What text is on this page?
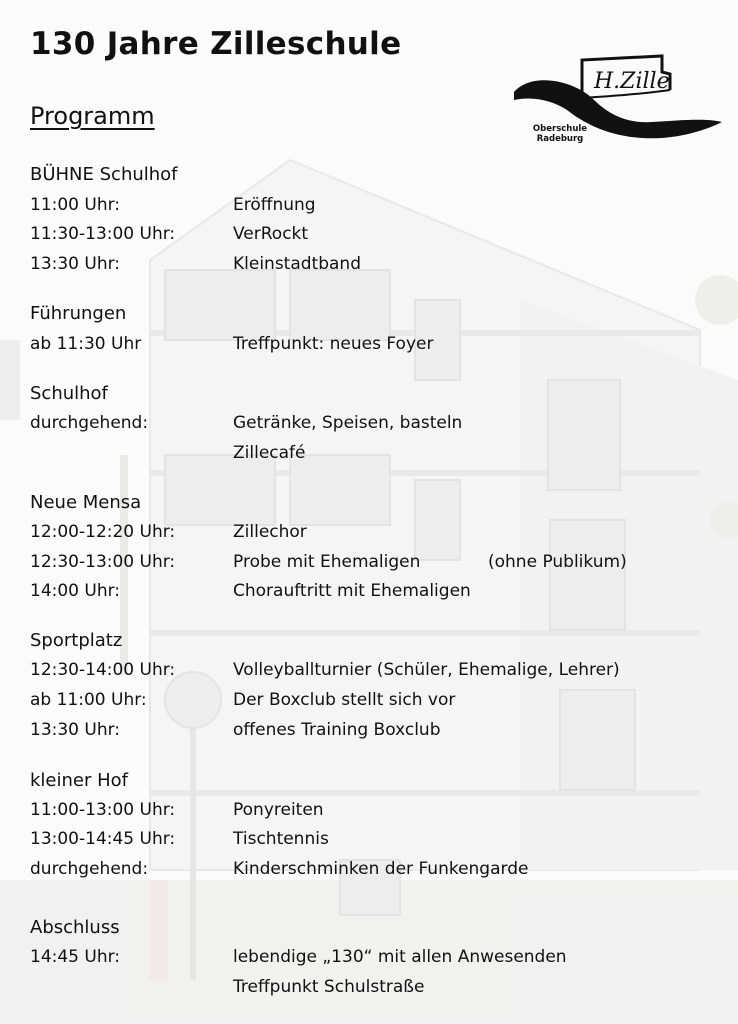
130 Jahre Zilleschule
Programm
H.Zille
Oberschule
Radeburg
BÜHNE Schulhof
11:00 Uhr:	Eröffnung
11:30-13:00 Uhr:	VerRockt
13:30 Uhr:	Kleinstadtband
Führungen
ab 11:30 Uhr	Treffpunkt: neues Foyer
Schulhof
durchgehend:	Getränke, Speisen, basteln
Zillecafé
Neue Mensa
12:00-12:20 Uhr:	Zillechor
12:30-13:00 Uhr:	Probe mit Ehemaligen	(ohne Publikum)
14:00 Uhr:	Chorauftritt mit Ehemaligen
Sportplatz
12:30-14:00 Uhr:	Volleyballturnier (Schüler, Ehemalige, Lehrer)
ab 11:00 Uhr:	Der Boxclub stellt sich vor
13:30 Uhr:	offenes Training Boxclub
kleiner Hof
11:00-13:00 Uhr:	Ponyreiten
13:00-14:45 Uhr:	Tischtennis
durchgehend:	Kinderschminken der Funkengarde
Abschluss
14:45 Uhr:	lebendige „130“ mit allen Anwesenden
Treffpunkt Schulstraße
